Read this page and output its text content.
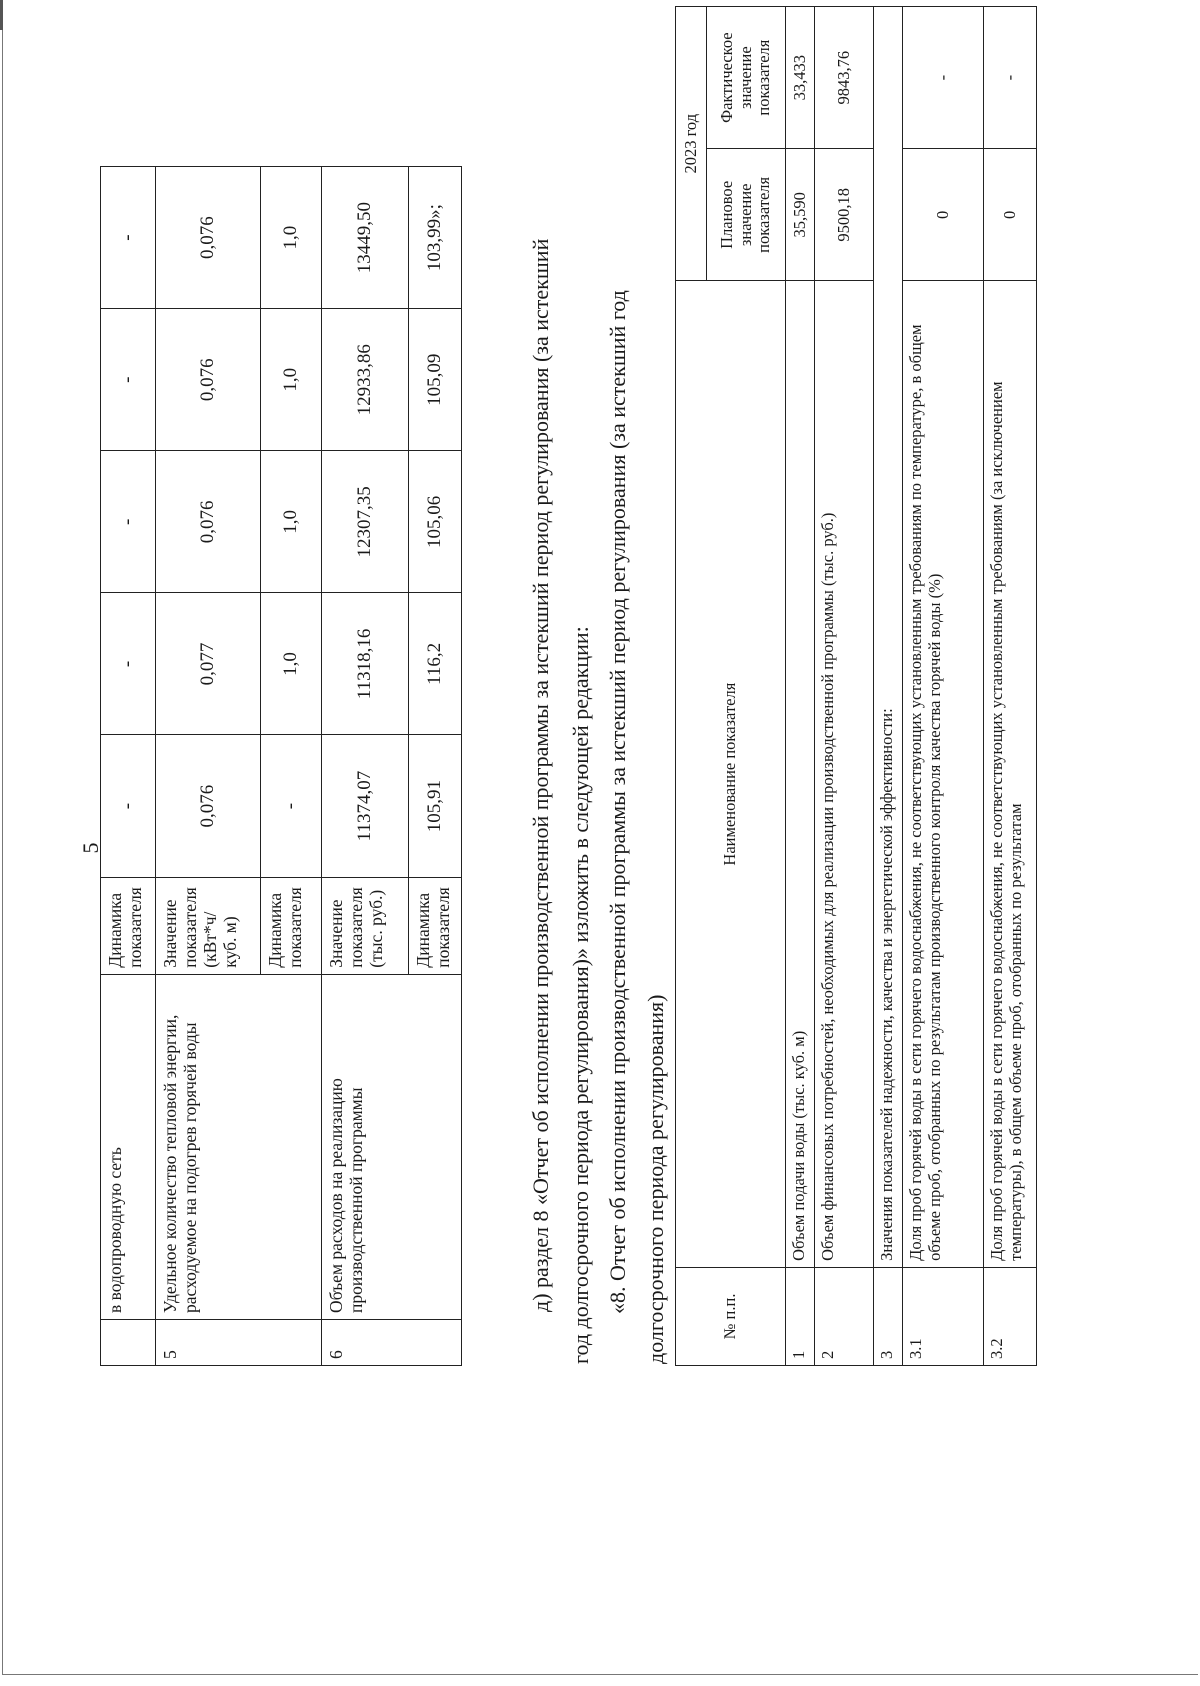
5
	в водопроводную сеть	Динамика показателя	-	-	-	-	-
5	Удельное количество тепловой энергии, расходуемое на подогрев горячей воды	Значение показателя (кВт*ч/куб. м)	0,076	0,077	0,076	0,076	0,076
		Динамика показателя	-	1,0	1,0	1,0	1,0
6	Объем расходов на реализацию производственной программы	Значение показателя (тыс. руб.)	11374,07	11318,16	12307,35	12933,86	13449,50
		Динамика показателя	105,91	116,2	105,06	105,09	103,99»;
д) раздел 8 «Отчет об исполнении производственной программы за истекший период регулирования (за истекший год долгосрочного периода регулирования)» изложить в следующей редакции: «8. Отчет об исполнении производственной программы за истекший период регулирования (за истекший год долгосрочного периода регулирования)	№ п.п.	Наименование показателя	2023 год	
		Плановое значение показателя	Фактическое значение показателя
1	Объем подачи воды (тыс. куб. м)	35,590	33,433
2	Объем финансовых потребностей, необходимых для реализации производственной программы (тыс. руб.)	9500,18	9843,76
3	Значения показателей надежности, качества и энергетической эффективности:		
3.1	Доля проб горячей воды в сети горячего водоснабжения, не соответствующих установленным требованиям по температуре, в общем объеме проб, отобранных по результатам производственного контроля качества горячей воды (%)	0	-
3.2	Доля проб горячей воды в сети горячего водоснабжения, не соответствующих установленным требованиям (за исключением температуры), в общем объеме проб, отобранных по результатам	0	-
